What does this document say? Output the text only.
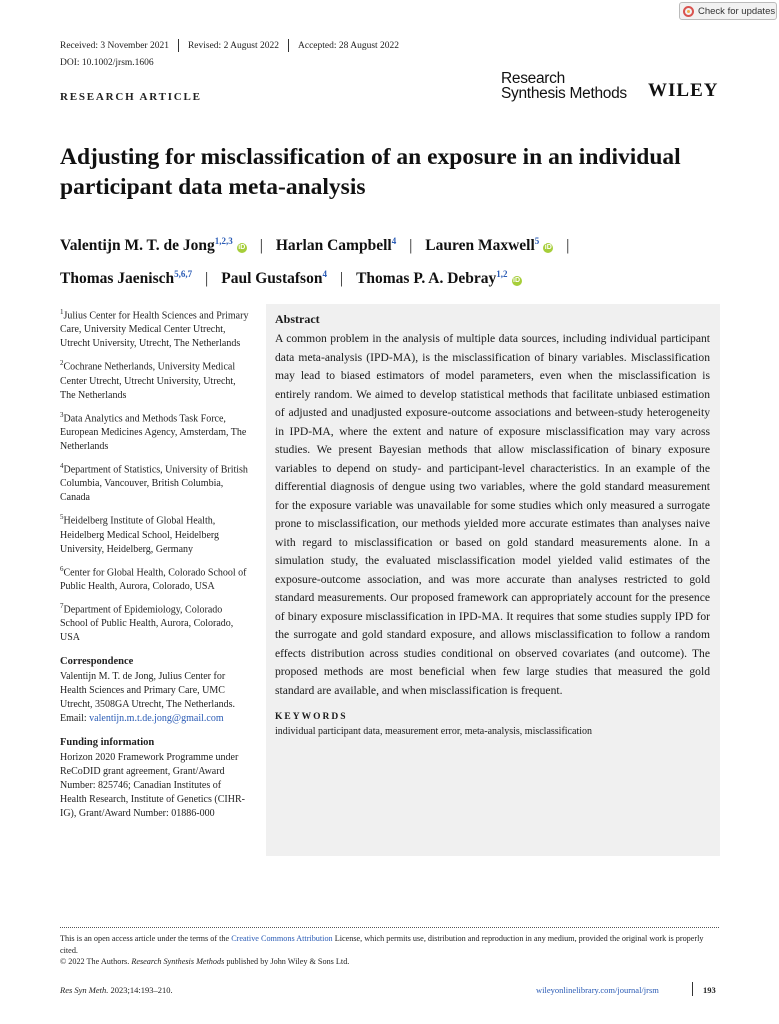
Check for updates
Received: 3 November 2021 Revised: 2 August 2022 Accepted: 28 August 2022
DOI: 10.1002/jrsm.1606
RESEARCH ARTICLE
Research
Synthesis Methods WILEY
Adjusting for misclassification of an exposure in an individual participant data meta-analysis
Valentijn M. T. de Jong$^{1,2,3}$iD | Harlan Campbell$^4$ | Lauren Maxwell$^5$iD |
Thomas Jaenisch$^{5,6,7}$ | Paul Gustafson$^4$ | Thomas P. A. Debray$^{1,2}$iD
$^1$Julius Center for Health Sciences and Primary Care, University Medical Center Utrecht, Utrecht University, Utrecht, The Netherlands
$^2$Cochrane Netherlands, University Medical Center Utrecht, Utrecht University, Utrecht, The Netherlands
$^3$Data Analytics and Methods Task Force, European Medicines Agency, Amsterdam, The Netherlands
$^4$Department of Statistics, University of British Columbia, Vancouver, British Columbia, Canada
$^5$Heidelberg Institute of Global Health, Heidelberg Medical School, Heidelberg University, Heidelberg, Germany
$^6$Center for Global Health, Colorado School of Public Health, Aurora, Colorado, USA
$^7$Department of Epidemiology, Colorado School of Public Health, Aurora, Colorado, USA
Correspondence
Valentijn M. T. de Jong, Julius Center for Health Sciences and Primary Care, UMC Utrecht, 3508GA Utrecht, The Netherlands.
Email: valentijn.m.t.de.jong@gmail.com
Funding information
Horizon 2020 Framework Programme under ReCoDID grant agreement, Grant/Award Number: 825746; Canadian Institutes of Health Research, Institute of Genetics (CIHR-IG), Grant/Award Number: 01886-000
Abstract
A common problem in the analysis of multiple data sources, including individual participant data meta-analysis (IPD-MA), is the misclassification of binary variables. Misclassification may lead to biased estimators of model parameters, even when the misclassification is entirely random. We aimed to develop statistical methods that facilitate unbiased estimation of adjusted and unadjusted exposure-outcome associations and between-study heterogeneity in IPD-MA, where the extent and nature of exposure misclassification may vary across studies. We present Bayesian methods that allow misclassification of binary exposure variables to depend on study- and participant-level characteristics. In an example of the differential diagnosis of dengue using two variables, where the gold standard measurement for the exposure variable was unavailable for some studies which only measured a surrogate prone to misclassification, our methods yielded more accurate estimates than analyses naive with regard to misclassification or based on gold standard measurements alone. In a simulation study, the evaluated misclassification model yielded valid estimates of the exposure-outcome association, and was more accurate than analyses restricted to gold standard measurements. Our proposed framework can appropriately account for the presence of binary exposure misclassification in IPD-MA. It requires that some studies supply IPD for the surrogate and gold standard exposure, and allows misclassification to follow a random effects distribution across studies conditional on observed covariates (and outcome). The proposed methods are most beneficial when few large studies that measured the gold standard are available, and when misclassification is frequent.
KEYWORDS
individual participant data, measurement error, meta-analysis, misclassification
This is an open access article under the terms of the Creative Commons Attribution License, which permits use, distribution and reproduction in any medium, provided the original work is properly cited.
© 2022 The Authors. Research Synthesis Methods published by John Wiley & Sons Ltd.
Res Syn Meth. 2023;14:193–210.	wileyonlinelibrary.com/journal/jrsm	193
